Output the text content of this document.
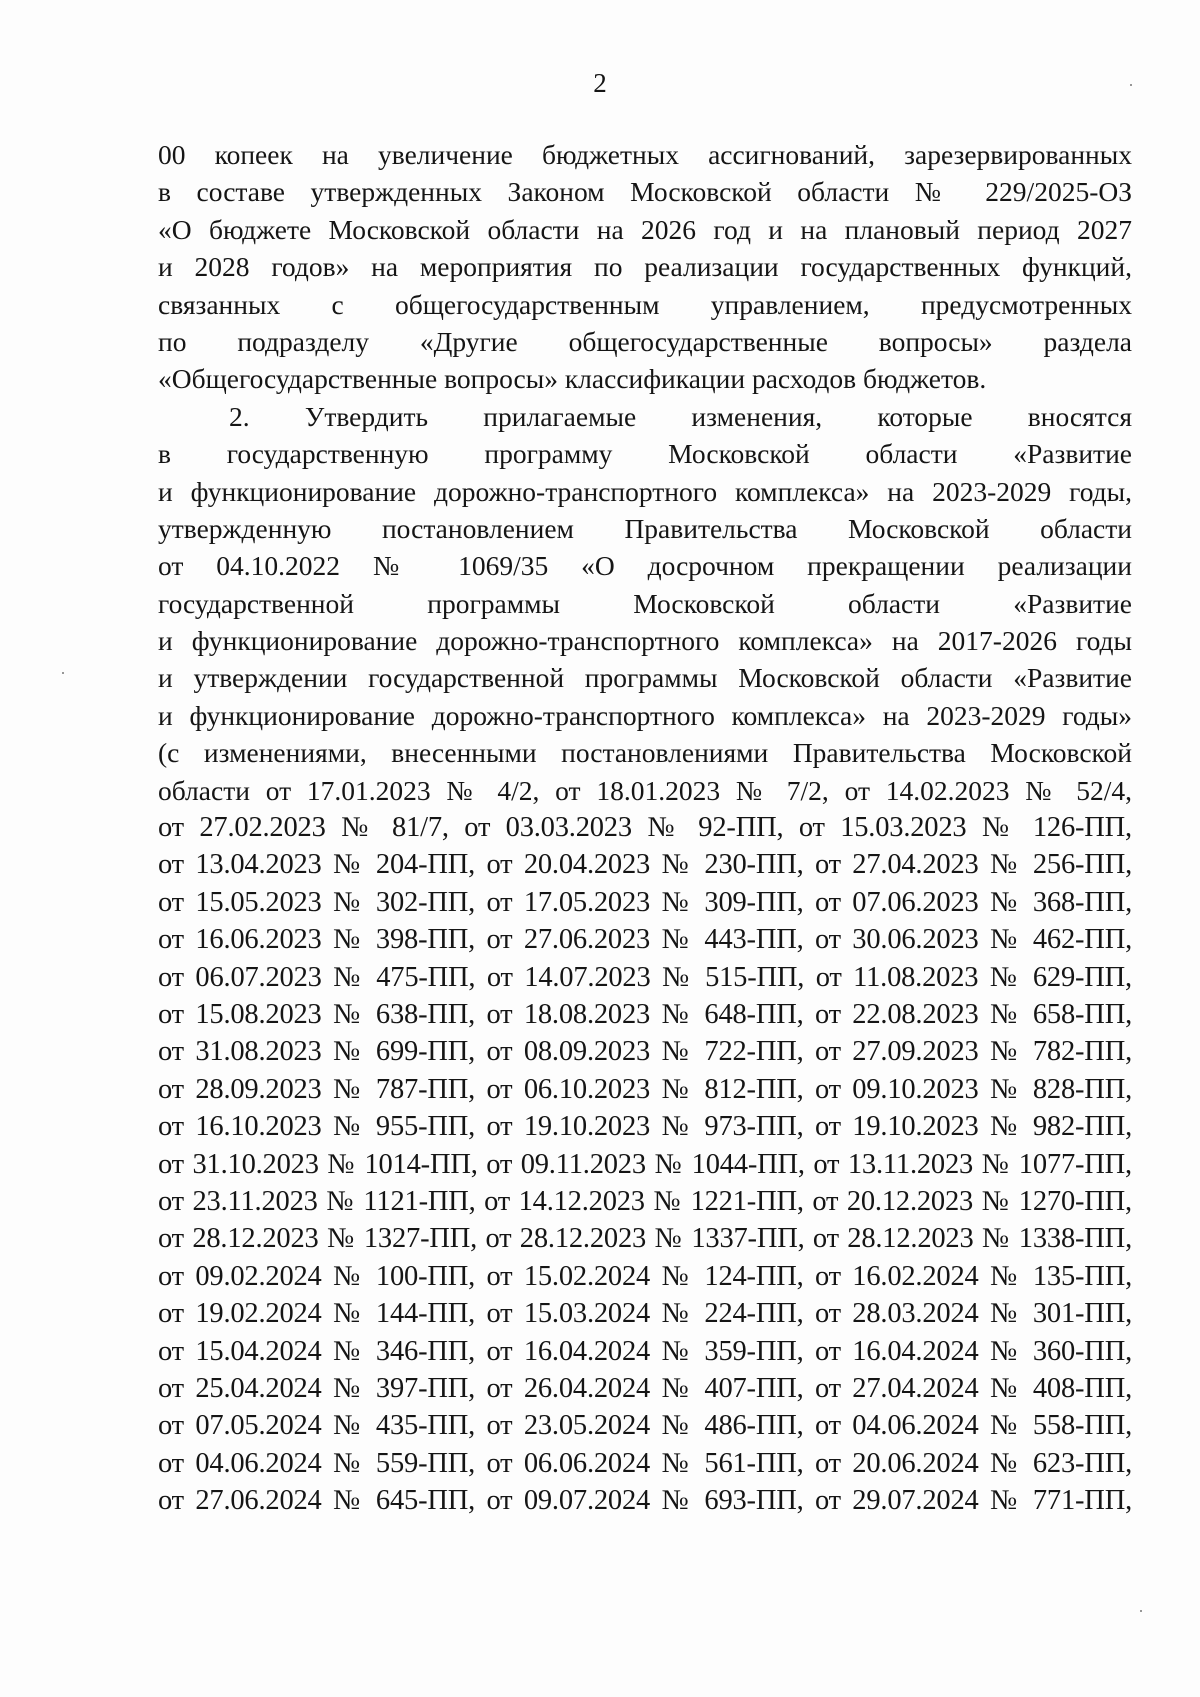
2
00 копеек на увеличение бюджетных ассигнований, зарезервированных
в составе утвержденных Законом Московской области № 229/2025-ОЗ
«О бюджете Московской области на 2026 год и на плановый период 2027
и 2028 годов» на мероприятия по реализации государственных функций,
связанных с общегосударственным управлением, предусмотренных
по подразделу «Другие общегосударственные вопросы» раздела
«Общегосударственные вопросы» классификации расходов бюджетов.
2. Утвердить прилагаемые изменения, которые вносятся
в государственную программу Московской области «Развитие
и функционирование дорожно-транспортного комплекса» на 2023-2029 годы,
утвержденную постановлением Правительства Московской области
от 04.10.2022 № 1069/35 «О досрочном прекращении реализации
государственной программы Московской области «Развитие
и функционирование дорожно-транспортного комплекса» на 2017-2026 годы
и утверждении государственной программы Московской области «Развитие
и функционирование дорожно-транспортного комплекса» на 2023-2029 годы»
(с изменениями, внесенными постановлениями Правительства Московской
области от 17.01.2023 № 4/2, от 18.01.2023 № 7/2, от 14.02.2023 № 52/4,
от 27.02.2023 № 81/7, от 03.03.2023 № 92-ПП, от 15.03.2023 № 126-ПП,
от 13.04.2023 № 204-ПП, от 20.04.2023 № 230-ПП, от 27.04.2023 № 256-ПП,
от 15.05.2023 № 302-ПП, от 17.05.2023 № 309-ПП, от 07.06.2023 № 368-ПП,
от 16.06.2023 № 398-ПП, от 27.06.2023 № 443-ПП, от 30.06.2023 № 462-ПП,
от 06.07.2023 № 475-ПП, от 14.07.2023 № 515-ПП, от 11.08.2023 № 629-ПП,
от 15.08.2023 № 638-ПП, от 18.08.2023 № 648-ПП, от 22.08.2023 № 658-ПП,
от 31.08.2023 № 699-ПП, от 08.09.2023 № 722-ПП, от 27.09.2023 № 782-ПП,
от 28.09.2023 № 787-ПП, от 06.10.2023 № 812-ПП, от 09.10.2023 № 828-ПП,
от 16.10.2023 № 955-ПП, от 19.10.2023 № 973-ПП, от 19.10.2023 № 982-ПП,
от 31.10.2023 № 1014-ПП, от 09.11.2023 № 1044-ПП, от 13.11.2023 № 1077-ПП,
от 23.11.2023 № 1121-ПП, от 14.12.2023 № 1221-ПП, от 20.12.2023 № 1270-ПП,
от 28.12.2023 № 1327-ПП, от 28.12.2023 № 1337-ПП, от 28.12.2023 № 1338-ПП,
от 09.02.2024 № 100-ПП, от 15.02.2024 № 124-ПП, от 16.02.2024 № 135-ПП,
от 19.02.2024 № 144-ПП, от 15.03.2024 № 224-ПП, от 28.03.2024 № 301-ПП,
от 15.04.2024 № 346-ПП, от 16.04.2024 № 359-ПП, от 16.04.2024 № 360-ПП,
от 25.04.2024 № 397-ПП, от 26.04.2024 № 407-ПП, от 27.04.2024 № 408-ПП,
от 07.05.2024 № 435-ПП, от 23.05.2024 № 486-ПП, от 04.06.2024 № 558-ПП,
от 04.06.2024 № 559-ПП, от 06.06.2024 № 561-ПП, от 20.06.2024 № 623-ПП,
от 27.06.2024 № 645-ПП, от 09.07.2024 № 693-ПП, от 29.07.2024 № 771-ПП,
